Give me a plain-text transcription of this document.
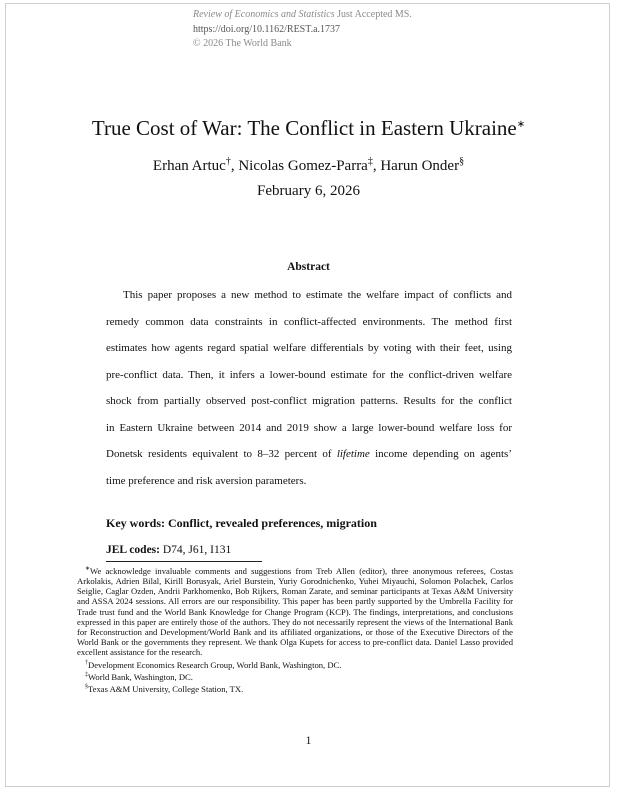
Review of Economics and Statistics Just Accepted MS.
https://doi.org/10.1162/REST.a.1737
© 2026 The World Bank
True Cost of War: The Conflict in Eastern Ukraine∗
Erhan Artuc†, Nicolas Gomez-Parra‡, Harun Onder§
February 6, 2026
Abstract
This paper proposes a new method to estimate the welfare impact of conflicts and
remedy common data constraints in conflict-affected environments. The method first
estimates how agents regard spatial welfare differentials by voting with their feet, using
pre-conflict data. Then, it infers a lower-bound estimate for the conflict-driven welfare
shock from partially observed post-conflict migration patterns. Results for the conflict
in Eastern Ukraine between 2014 and 2019 show a large lower-bound welfare loss for
Donetsk residents equivalent to 8–32 percent of lifetime income depending on agents’
time preference and risk aversion parameters.
Key words: Conflict, revealed preferences, migration
JEL codes: D74, J61, I131

∗We acknowledge invaluable comments and suggestions from Treb Allen (editor), three anonymous referees, Costas Arkolakis, Adrien Bilal, Kirill Borusyak, Ariel Burstein, Yuriy Gorodnichenko, Yuhei Miyauchi, Solomon Polachek, Carlos Seiglie, Caglar Ozden, Andrii Parkhomenko, Bob Rijkers, Roman Zarate, and seminar participants at Texas A&M University and ASSA 2024 sessions. All errors are our responsibility. This paper has been partly supported by the Umbrella Facility for Trade trust fund and the World Bank Knowledge for Change Program (KCP). The findings, interpretations, and conclusions expressed in this paper are entirely those of the authors. They do not necessarily represent the views of the International Bank for Reconstruction and Development/World Bank and its affiliated organizations, or those of the Executive Directors of the World Bank or the governments they represent. We thank Olga Kupets for access to pre-conflict data. Daniel Lasso provided excellent assistance for the research.

†Development Economics Research Group, World Bank, Washington, DC.

‡World Bank, Washington, DC.

§Texas A&M University, College Station, TX.

1
